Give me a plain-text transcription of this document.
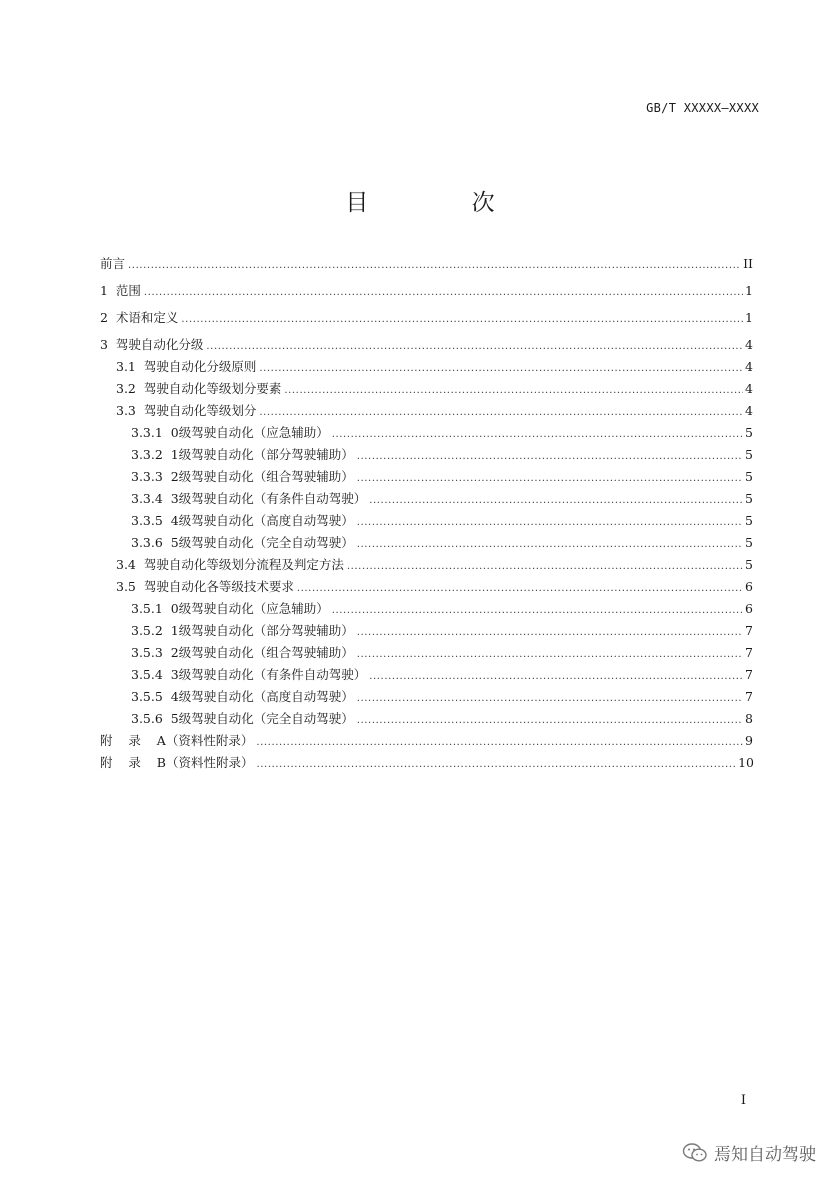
GB/T XXXXX—XXXX
目 次
前言 .....	II
1  范围 .....	1
2  术语和定义 .....	1
3  驾驶自动化分级 .....	4
3.1  驾驶自动化分级原则 .....	4
3.2  驾驶自动化等级划分要素 .....	4
3.3  驾驶自动化等级划分 .....	4
3.3.1  0级驾驶自动化（应急辅助） .....	5
3.3.2  1级驾驶自动化（部分驾驶辅助） .....	5
3.3.3  2级驾驶自动化（组合驾驶辅助） .....	5
3.3.4  3级驾驶自动化（有条件自动驾驶） .....	5
3.3.5  4级驾驶自动化（高度自动驾驶） .....	5
3.3.6  5级驾驶自动化（完全自动驾驶） .....	5
3.4  驾驶自动化等级划分流程及判定方法 .....	5
3.5  驾驶自动化各等级技术要求 .....	6
3.5.1  0级驾驶自动化（应急辅助） .....	6
3.5.2  1级驾驶自动化（部分驾驶辅助） .....	7
3.5.3  2级驾驶自动化（组合驾驶辅助） .....	7
3.5.4  3级驾驶自动化（有条件自动驾驶） .....	7
3.5.5  4级驾驶自动化（高度自动驾驶） .....	7
3.5.6  5级驾驶自动化（完全自动驾驶） .....	8
附    录    A（资料性附录） .....	9
附    录    B（资料性附录） .....	10
I
焉知自动驾驶
